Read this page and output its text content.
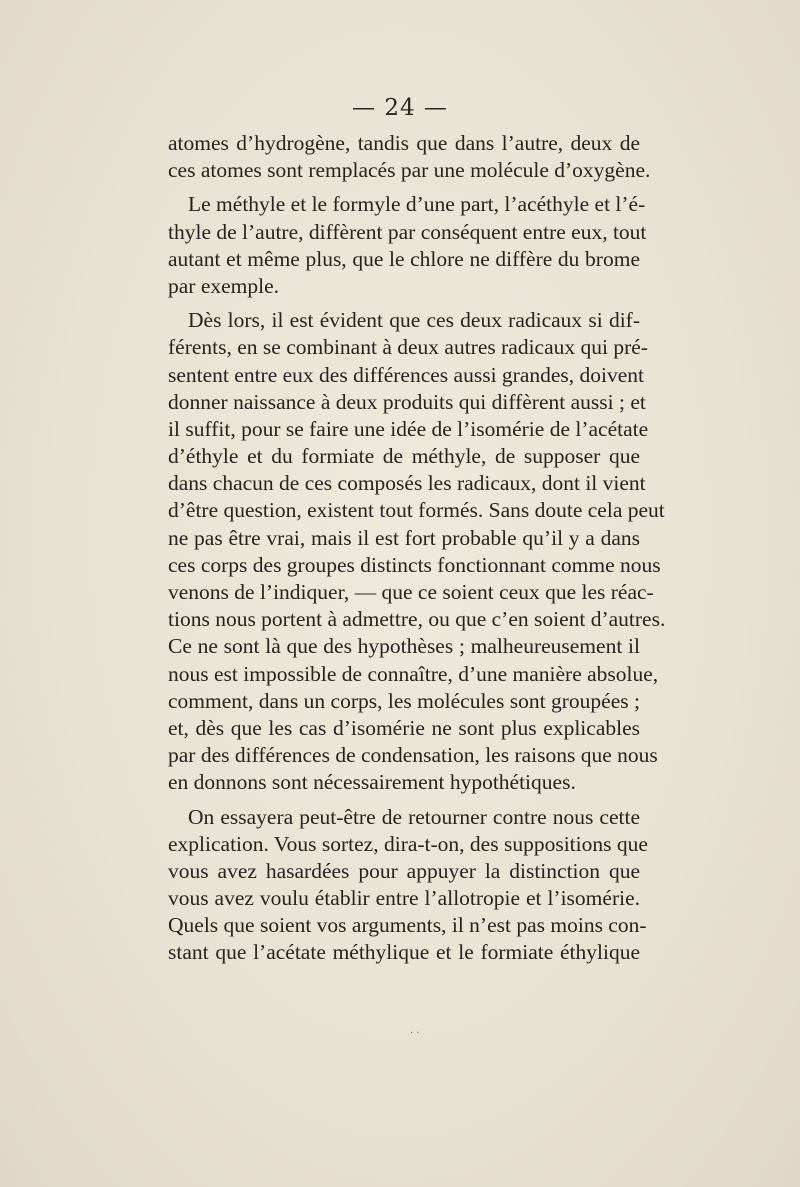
— 24 —
atomes d’hydrogène, tandis que dans l’autre, deux de
ces atomes sont remplacés par une molécule d’oxygène.
Le méthyle et le formyle d’une part, l’acéthyle et l’é-
thyle de l’autre, diffèrent par conséquent entre eux, tout
autant et même plus, que le chlore ne diffère du brome
par exemple.
Dès lors, il est évident que ces deux radicaux si dif-
férents, en se combinant à deux autres radicaux qui pré-
sentent entre eux des différences aussi grandes, doivent
donner naissance à deux produits qui diffèrent aussi ; et
il suffit, pour se faire une idée de l’isomérie de l’acétate
d’éthyle et du formiate de méthyle, de supposer que
dans chacun de ces composés les radicaux, dont il vient
d’être question, existent tout formés. Sans doute cela peut
ne pas être vrai, mais il est fort probable qu’il y a dans
ces corps des groupes distincts fonctionnant comme nous
venons de l’indiquer, — que ce soient ceux que les réac-
tions nous portent à admettre, ou que c’en soient d’autres.
Ce ne sont là que des hypothèses ; malheureusement il
nous est impossible de connaître, d’une manière absolue,
comment, dans un corps, les molécules sont groupées ;
et, dès que les cas d’isomérie ne sont plus explicables
par des différences de condensation, les raisons que nous
en donnons sont nécessairement hypothétiques.
On essayera peut-être de retourner contre nous cette
explication. Vous sortez, dira-t-on, des suppositions que
vous avez hasardées pour appuyer la distinction que
vous avez voulu établir entre l’allotropie et l’isomérie.
Quels que soient vos arguments, il n’est pas moins con-
stant que l’acétate méthylique et le formiate éthylique
· ·
